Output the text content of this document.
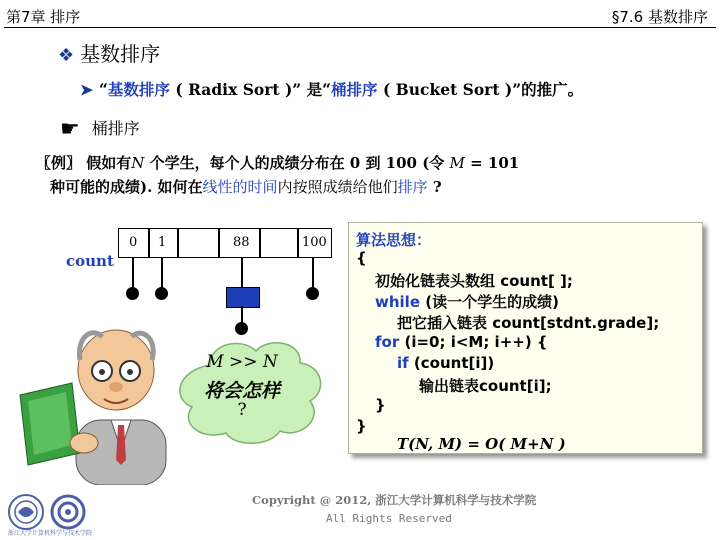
第7章 排序	§7.6 基数排序
❖ 基数排序
➤ “基数排序 ( Radix Sort )” 是“桶排序 ( Bucket Sort )”的推广。
☛ 桶排序
〖例〗 假如有N 个学生，每个人的成绩分布在 0 到 100 (令 M = 101
种可能的成绩). 如何在线性的时间内按照成绩给他们排序 ?
count
0 1	88	100
M >> N
将会怎样
?
算法思想：
{
初始化链表头数组 count[ ];
while (读一个学生的成绩)
把它插入链表 count[stdnt.grade];
for (i=0; i<M; i++) {
if (count[i])
输出链表count[i];
}
}
T(N, M) = O( M+N )
浙江大学计算机科学与技术学院
Copyright @ 2012, 浙江大学计算机科学与技术学院
All Rights Reserved
